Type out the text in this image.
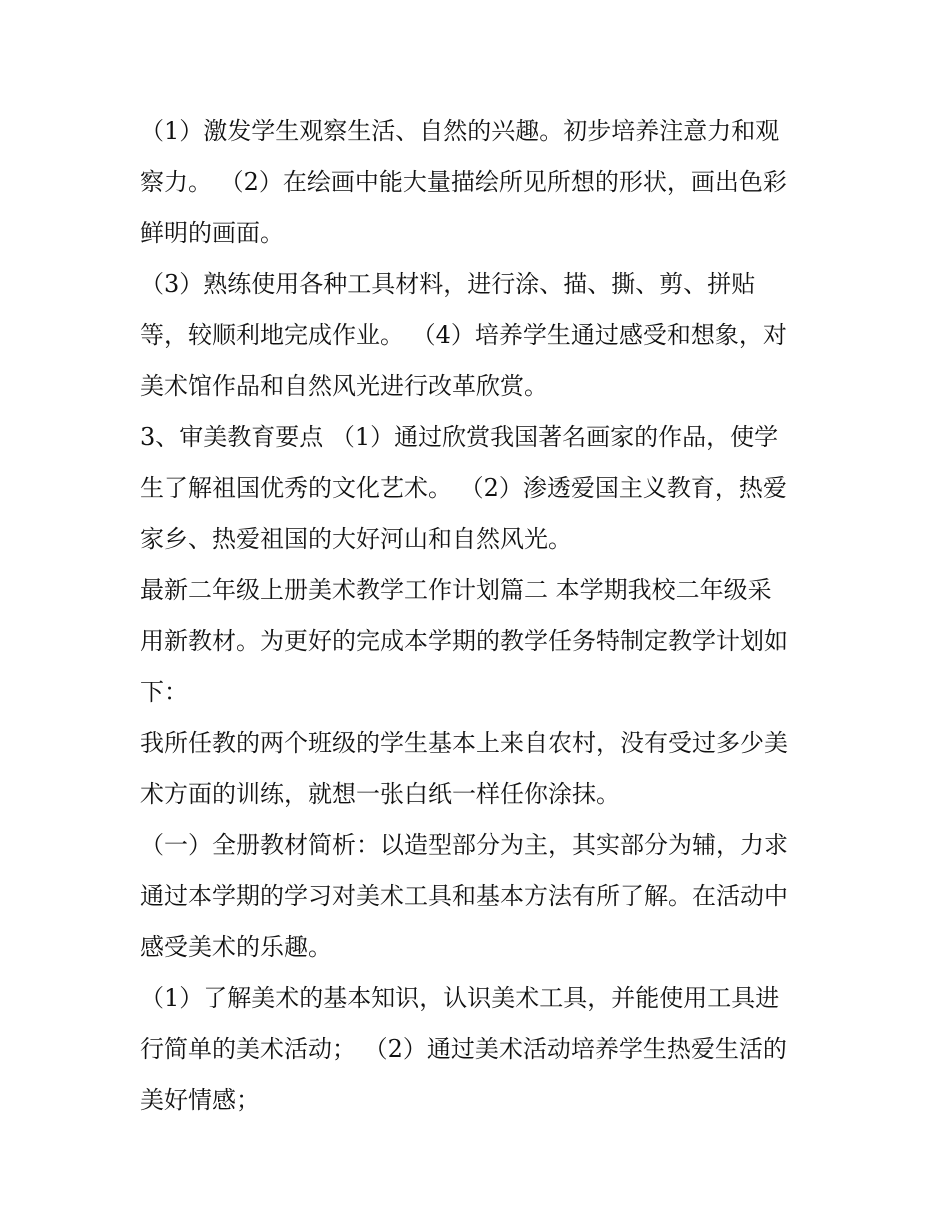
（1）激发学生观察生活、自然的兴趣。初步培养注意力和观
察力。 （2）在绘画中能大量描绘所见所想的形状，画出色彩
鲜明的画面。
（3）熟练使用各种工具材料，进行涂、描、撕、剪、拼贴
等，较顺利地完成作业。 （4）培养学生通过感受和想象，对
美术馆作品和自然风光进行改革欣赏。
3、审美教育要点 （1）通过欣赏我国著名画家的作品，使学
生了解祖国优秀的文化艺术。 （2）渗透爱国主义教育，热爱
家乡、热爱祖国的大好河山和自然风光。
最新二年级上册美术教学工作计划篇二 本学期我校二年级采
用新教材。为更好的完成本学期的教学任务特制定教学计划如
下：
我所任教的两个班级的学生基本上来自农村，没有受过多少美
术方面的训练，就想一张白纸一样任你涂抹。
（一）全册教材简析：以造型部分为主，其实部分为辅，力求
通过本学期的学习对美术工具和基本方法有所了解。在活动中
感受美术的乐趣。
（1）了解美术的基本知识，认识美术工具，并能使用工具进
行简单的美术活动； （2）通过美术活动培养学生热爱生活的
美好情感；
